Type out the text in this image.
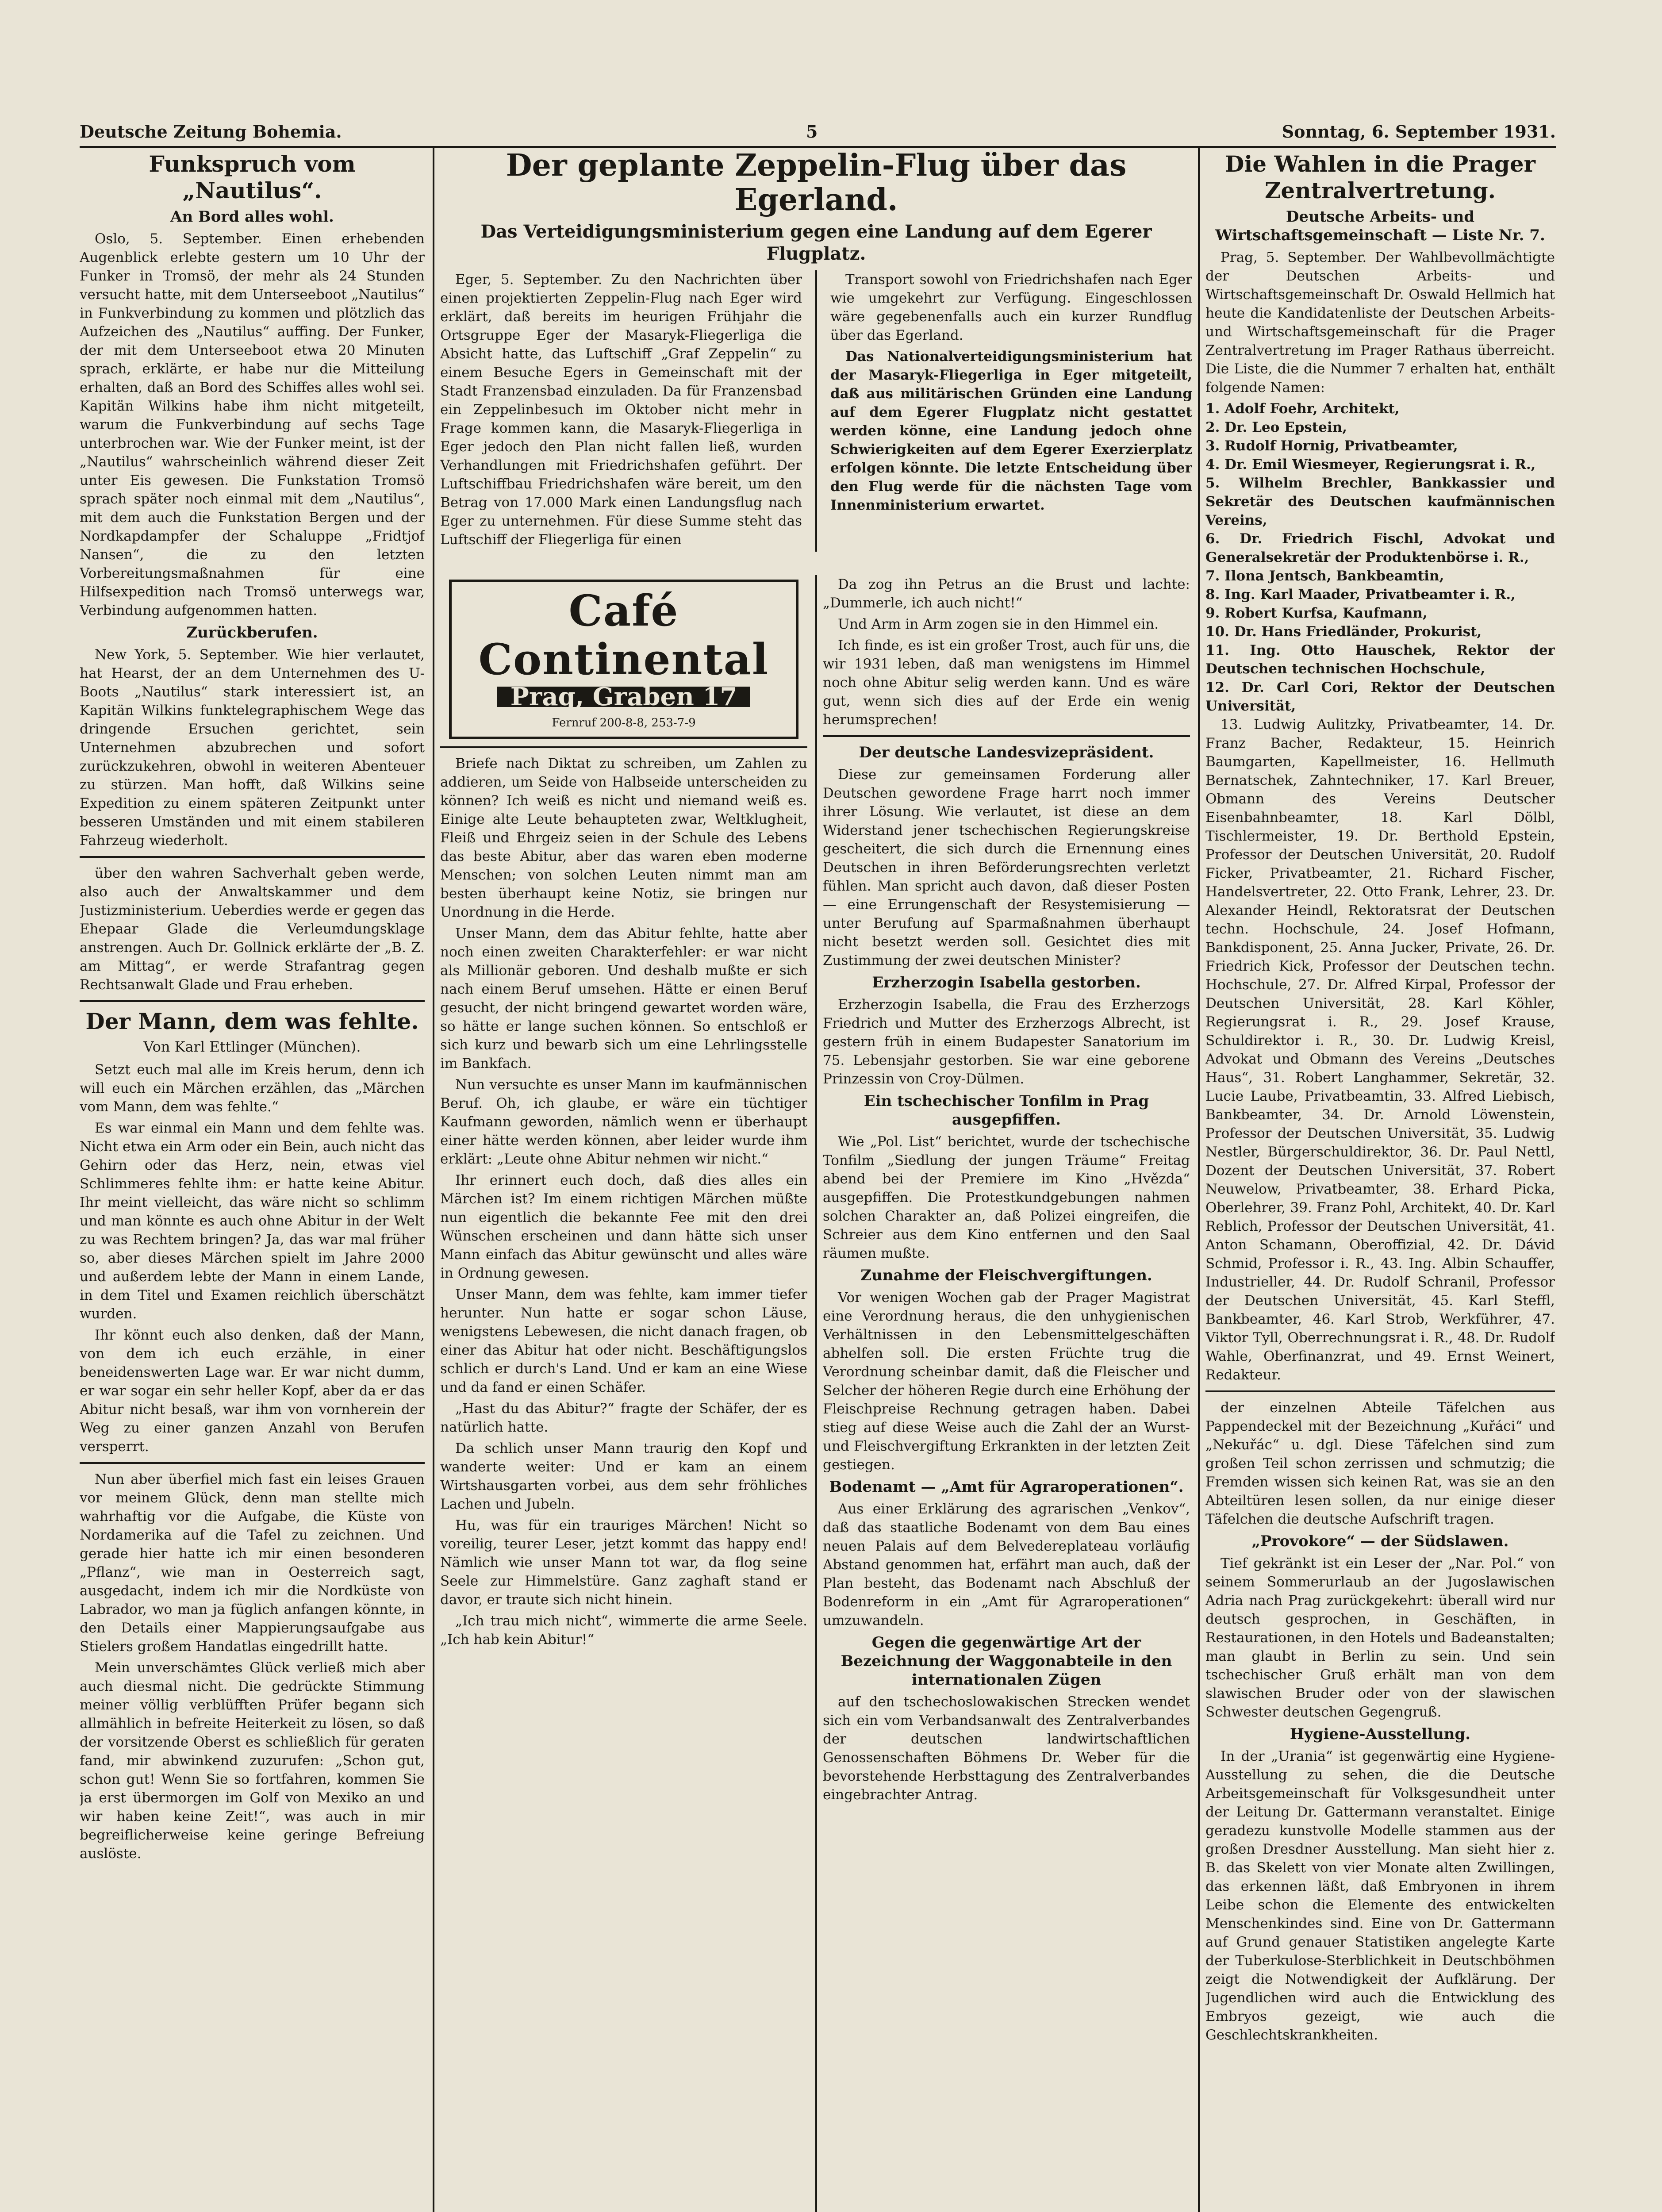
Deutsche Zeitung Bohemia.	5	Sonntag, 6. September 1931.
Funkspruch vom „Nautilus“.
An Bord alles wohl.

Oslo, 5. September. Einen erhebenden Augenblick erlebte gestern um 10 Uhr der Funker in Tromsö, der mehr als 24 Stunden versucht hatte, mit dem Unterseeboot „Nautilus“ in Funkverbindung zu kommen und plötzlich das Aufzeichen des „Nautilus“ auffing. Der Funker, der mit dem Unterseeboot etwa 20 Minuten sprach, erklärte, er habe nur die Mitteilung erhalten, daß an Bord des Schiffes alles wohl sei. Kapitän Wilkins habe ihm nicht mitgeteilt, warum die Funkverbindung auf sechs Tage unterbrochen war. Wie der Funker meint, ist der „Nautilus“ wahrscheinlich während dieser Zeit unter Eis gewesen. Die Funkstation Tromsö sprach später noch einmal mit dem „Nautilus“, mit dem auch die Funkstation Bergen und der Nordkapdampfer der Schaluppe „Fridtjof Nansen“, die zu den letzten Vorbereitungsmaßnahmen für eine Hilfsexpedition nach Tromsö unterwegs war, Verbindung aufgenommen hatten.

Zurückberufen.

New York, 5. September. Wie hier verlautet, hat Hearst, der an dem Unternehmen des U-Boots „Nautilus“ stark interessiert ist, an Kapitän Wilkins funktelegraphischem Wege das dringende Ersuchen gerichtet, sein Unternehmen abzubrechen und sofort zurückzukehren, obwohl in weiteren Abenteuer zu stürzen. Man hofft, daß Wilkins seine Expedition zu einem späteren Zeitpunkt unter besseren Umständen und mit einem stabileren Fahrzeug wiederholt.

über den wahren Sachverhalt geben werde, also auch der Anwaltskammer und dem Justizministerium. Ueberdies werde er gegen das Ehepaar Glade die Verleumdungsklage anstrengen. Auch Dr. Gollnick erklärte der „B. Z. am Mittag“, er werde Strafantrag gegen Rechtsanwalt Glade und Frau erheben.

Der Mann, dem was fehlte.
Von Karl Ettlinger (München).

Setzt euch mal alle im Kreis herum, denn ich will euch ein Märchen erzählen, das „Märchen vom Mann, dem was fehlte.“

Es war einmal ein Mann und dem fehlte was. Nicht etwa ein Arm oder ein Bein, auch nicht das Gehirn oder das Herz, nein, etwas viel Schlimmeres fehlte ihm: er hatte keine Abitur. Ihr meint vielleicht, das wäre nicht so schlimm und man könnte es auch ohne Abitur in der Welt zu was Rechtem bringen? Ja, das war mal früher so, aber dieses Märchen spielt im Jahre 2000 und außerdem lebte der Mann in einem Lande, in dem Titel und Examen reichlich überschätzt wurden.

Ihr könnt euch also denken, daß der Mann, von dem ich euch erzähle, in einer beneidenswerten Lage war. Er war nicht dumm, er war sogar ein sehr heller Kopf, aber da er das Abitur nicht besaß, war ihm von vornherein der Weg zu einer ganzen Anzahl von Berufen versperrt.

Nun aber überfiel mich fast ein leises Grauen vor meinem Glück, denn man stellte mich wahrhaftig vor die Aufgabe, die Küste von Nordamerika auf die Tafel zu zeichnen. Und gerade hier hatte ich mir einen besonderen „Pflanz“, wie man in Oesterreich sagt, ausgedacht, indem ich mir die Nordküste von Labrador, wo man ja füglich anfangen könnte, in den Details einer Mappierungsaufgabe aus Stielers großem Handatlas eingedrillt hatte.

Mein unverschämtes Glück verließ mich aber auch diesmal nicht. Die gedrückte Stimmung meiner völlig verblüfften Prüfer begann sich allmählich in befreite Heiterkeit zu lösen, so daß der vorsitzende Oberst es schließlich für geraten fand, mir abwinkend zuzurufen: „Schon gut, schon gut! Wenn Sie so fortfahren, kommen Sie ja erst übermorgen im Golf von Mexiko an und wir haben keine Zeit!“, was auch in mir begreiflicherweise keine geringe Befreiung auslöste.

Der geplante Zeppelin-Flug über das Egerland.
Das Verteidigungsministerium gegen eine Landung auf dem Egerer Flugplatz.

Eger, 5. September. Zu den Nachrichten über einen projektierten Zeppelin-Flug nach Eger wird erklärt, daß bereits im heurigen Frühjahr die Ortsgruppe Eger der Masaryk-Fliegerliga die Absicht hatte, das Luftschiff „Graf Zeppelin“ zu einem Besuche Egers in Gemeinschaft mit der Stadt Franzensbad einzuladen. Da für Franzensbad ein Zeppelinbesuch im Oktober nicht mehr in Frage kommen kann, die Masaryk-Fliegerliga in Eger jedoch den Plan nicht fallen ließ, wurden Verhandlungen mit Friedrichshafen geführt. Der Luftschiffbau Friedrichshafen wäre bereit, um den Betrag von 17.000 Mark einen Landungsflug nach Eger zu unternehmen. Für diese Summe steht das Luftschiff der Fliegerliga für einen

Transport sowohl von Friedrichshafen nach Eger wie umgekehrt zur Verfügung. Eingeschlossen wäre gegebenenfalls auch ein kurzer Rundflug über das Egerland.

Das Nationalverteidigungsministerium hat der Masaryk-Fliegerliga in Eger mitgeteilt, daß aus militärischen Gründen eine Landung auf dem Egerer Flugplatz nicht gestattet werden könne, eine Landung jedoch ohne Schwierigkeiten auf dem Egerer Exerzierplatz erfolgen könnte. Die letzte Entscheidung über den Flug werde für die nächsten Tage vom Innenministerium erwartet.

Café Continental
Prag, Graben 17
Fernruf 200-8-8, 253-7-9

Briefe nach Diktat zu schreiben, um Zahlen zu addieren, um Seide von Halbseide unterscheiden zu können? Ich weiß es nicht und niemand weiß es. Einige alte Leute behaupteten zwar, Weltklugheit, Fleiß und Ehrgeiz seien in der Schule des Lebens das beste Abitur, aber das waren eben moderne Menschen; von solchen Leuten nimmt man am besten überhaupt keine Notiz, sie bringen nur Unordnung in die Herde.

Unser Mann, dem das Abitur fehlte, hatte aber noch einen zweiten Charakterfehler: er war nicht als Millionär geboren. Und deshalb mußte er sich nach einem Beruf umsehen. Hätte er einen Beruf gesucht, der nicht bringend gewartet worden wäre, so hätte er lange suchen können. So entschloß er sich kurz und bewarb sich um eine Lehrlingsstelle im Bankfach.

Nun versuchte es unser Mann im kaufmännischen Beruf. Oh, ich glaube, er wäre ein tüchtiger Kaufmann geworden, nämlich wenn er überhaupt einer hätte werden können, aber leider wurde ihm erklärt: „Leute ohne Abitur nehmen wir nicht.“

Ihr erinnert euch doch, daß dies alles ein Märchen ist? Im einem richtigen Märchen müßte nun eigentlich die bekannte Fee mit den drei Wünschen erscheinen und dann hätte sich unser Mann einfach das Abitur gewünscht und alles wäre in Ordnung gewesen.

Unser Mann, dem was fehlte, kam immer tiefer herunter. Nun hatte er sogar schon Läuse, wenigstens Lebewesen, die nicht danach fragen, ob einer das Abitur hat oder nicht. Beschäftigungslos schlich er durch's Land. Und er kam an eine Wiese und da fand er einen Schäfer.

„Hast du das Abitur?“ fragte der Schäfer, der es natürlich hatte.

Da schlich unser Mann traurig den Kopf und wanderte weiter: Und er kam an einem Wirtshausgarten vorbei, aus dem sehr fröhliches Lachen und Jubeln.

Hu, was für ein trauriges Märchen! Nicht so voreilig, teurer Leser, jetzt kommt das happy end! Nämlich wie unser Mann tot war, da flog seine Seele zur Himmelstüre. Ganz zaghaft stand er davor, er traute sich nicht hinein.

„Ich trau mich nicht“, wimmerte die arme Seele. „Ich hab kein Abitur!“

Da zog ihn Petrus an die Brust und lachte: „Dummerle, ich auch nicht!“

Und Arm in Arm zogen sie in den Himmel ein.

Ich finde, es ist ein großer Trost, auch für uns, die wir 1931 leben, daß man wenigstens im Himmel noch ohne Abitur selig werden kann. Und es wäre gut, wenn sich dies auf der Erde ein wenig herumsprechen!

Der deutsche Landesvizepräsident.

Diese zur gemeinsamen Forderung aller Deutschen gewordene Frage harrt noch immer ihrer Lösung. Wie verlautet, ist diese an dem Widerstand jener tschechischen Regierungskreise gescheitert, die sich durch die Ernennung eines Deutschen in ihren Beförderungsrechten verletzt fühlen. Man spricht auch davon, daß dieser Posten — eine Errungenschaft der Resystemisierung — unter Berufung auf Sparmaßnahmen überhaupt nicht besetzt werden soll. Gesichtet dies mit Zustimmung der zwei deutschen Minister?

Erzherzogin Isabella gestorben.

Erzherzogin Isabella, die Frau des Erzherzogs Friedrich und Mutter des Erzherzogs Albrecht, ist gestern früh in einem Budapester Sanatorium im 75. Lebensjahr gestorben. Sie war eine geborene Prinzessin von Croy-Dülmen.

Ein tschechischer Tonfilm in Prag ausgepfiffen.

Wie „Pol. List“ berichtet, wurde der tschechische Tonfilm „Siedlung der jungen Träume“ Freitag abend bei der Premiere im Kino „Hvězda“ ausgepfiffen. Die Protestkundgebungen nahmen solchen Charakter an, daß Polizei eingreifen, die Schreier aus dem Kino entfernen und den Saal räumen mußte.

Zunahme der Fleischvergiftungen.

Vor wenigen Wochen gab der Prager Magistrat eine Verordnung heraus, die den unhygienischen Verhältnissen in den Lebensmittelgeschäften abhelfen soll. Die ersten Früchte trug die Verordnung scheinbar damit, daß die Fleischer und Selcher der höheren Regie durch eine Erhöhung der Fleischpreise Rechnung getragen haben. Dabei stieg auf diese Weise auch die Zahl der an Wurst- und Fleischvergiftung Erkrankten in der letzten Zeit gestiegen.

Bodenamt — „Amt für Agraroperationen“.

Aus einer Erklärung des agrarischen „Venkov“, daß das staatliche Bodenamt von dem Bau eines neuen Palais auf dem Belvedereplateau vorläufig Abstand genommen hat, erfährt man auch, daß der Plan besteht, das Bodenamt nach Abschluß der Bodenreform in ein „Amt für Agraroperationen“ umzuwandeln.

Gegen die gegenwärtige Art der Bezeichnung der Waggonabteile in den internationalen Zügen

auf den tschechoslowakischen Strecken wendet sich ein vom Verbandsanwalt des Zentralverbandes der deutschen landwirtschaftlichen Genossenschaften Böhmens Dr. Weber für die bevorstehende Herbsttagung des Zentralverbandes eingebrachter Antrag.

Die Wahlen in die Prager Zentralvertretung.
Deutsche Arbeits- und Wirtschaftsgemeinschaft — Liste Nr. 7.

Prag, 5. September. Der Wahlbevollmächtigte der Deutschen Arbeits- und Wirtschaftsgemeinschaft Dr. Oswald Hellmich hat heute die Kandidatenliste der Deutschen Arbeits- und Wirtschaftsgemeinschaft für die Prager Zentralvertretung im Prager Rathaus überreicht. Die Liste, die die Nummer 7 erhalten hat, enthält folgende Namen:

1. Adolf Foehr, Architekt,

2. Dr. Leo Epstein,

3. Rudolf Hornig, Privatbeamter,

4. Dr. Emil Wiesmeyer, Regierungsrat i. R.,

5. Wilhelm Brechler, Bankkassier und Sekretär des Deutschen kaufmännischen Vereins,

6. Dr. Friedrich Fischl, Advokat und Generalsekretär der Produktenbörse i. R.,

7. Ilona Jentsch, Bankbeamtin,

8. Ing. Karl Maader, Privatbeamter i. R.,

9. Robert Kurfsa, Kaufmann,

10. Dr. Hans Friedländer, Prokurist,

11. Ing. Otto Hauschek, Rektor der Deutschen technischen Hochschule,

12. Dr. Carl Cori, Rektor der Deutschen Universität,

13. Ludwig Aulitzky, Privatbeamter, 14. Dr. Franz Bacher, Redakteur, 15. Heinrich Baumgarten, Kapellmeister, 16. Hellmuth Bernatschek, Zahntechniker, 17. Karl Breuer, Obmann des Vereins Deutscher Eisenbahnbeamter, 18. Karl Dölbl, Tischlermeister, 19. Dr. Berthold Epstein, Professor der Deutschen Universität, 20. Rudolf Ficker, Privatbeamter, 21. Richard Fischer, Handelsvertreter, 22. Otto Frank, Lehrer, 23. Dr. Alexander Heindl, Rektoratsrat der Deutschen techn. Hochschule, 24. Josef Hofmann, Bankdisponent, 25. Anna Jucker, Private, 26. Dr. Friedrich Kick, Professor der Deutschen techn. Hochschule, 27. Dr. Alfred Kirpal, Professor der Deutschen Universität, 28. Karl Köhler, Regierungsrat i. R., 29. Josef Krause, Schuldirektor i. R., 30. Dr. Ludwig Kreisl, Advokat und Obmann des Vereins „Deutsches Haus“, 31. Robert Langhammer, Sekretär, 32. Lucie Laube, Privatbeamtin, 33. Alfred Liebisch, Bankbeamter, 34. Dr. Arnold Löwenstein, Professor der Deutschen Universität, 35. Ludwig Nestler, Bürgerschuldirektor, 36. Dr. Paul Nettl, Dozent der Deutschen Universität, 37. Robert Neuwelow, Privatbeamter, 38. Erhard Picka, Oberlehrer, 39. Franz Pohl, Architekt, 40. Dr. Karl Reblich, Professor der Deutschen Universität, 41. Anton Schamann, Oberoffizial, 42. Dr. Dávid Schmid, Professor i. R., 43. Ing. Albin Schauffer, Industrieller, 44. Dr. Rudolf Schranil, Professor der Deutschen Universität, 45. Karl Steffl, Bankbeamter, 46. Karl Strob, Werkführer, 47. Viktor Tyll, Oberrechnungsrat i. R., 48. Dr. Rudolf Wahle, Oberfinanzrat, und 49. Ernst Weinert, Redakteur.

der einzelnen Abteile Täfelchen aus Pappendeckel mit der Bezeichnung „Kuřáci“ und „Nekuřác“ u. dgl. Diese Täfelchen sind zum großen Teil schon zerrissen und schmutzig; die Fremden wissen sich keinen Rat, was sie an den Abteiltüren lesen sollen, da nur einige dieser Täfelchen die deutsche Aufschrift tragen.

„Provokore“ — der Südslawen.

Tief gekränkt ist ein Leser der „Nar. Pol.“ von seinem Sommerurlaub an der Jugoslawischen Adria nach Prag zurückgekehrt: überall wird nur deutsch gesprochen, in Geschäften, in Restaurationen, in den Hotels und Badeanstalten; man glaubt in Berlin zu sein. Und sein tschechischer Gruß erhält man von dem slawischen Bruder oder von der slawischen Schwester deutschen Gegengruß.

Hygiene-Ausstellung.

In der „Urania“ ist gegenwärtig eine Hygiene-Ausstellung zu sehen, die die Deutsche Arbeitsgemeinschaft für Volksgesundheit unter der Leitung Dr. Gattermann veranstaltet. Einige geradezu kunstvolle Modelle stammen aus der großen Dresdner Ausstellung. Man sieht hier z. B. das Skelett von vier Monate alten Zwillingen, das erkennen läßt, daß Embryonen in ihrem Leibe schon die Elemente des entwickelten Menschenkindes sind. Eine von Dr. Gattermann auf Grund genauer Statistiken angelegte Karte der Tuberkulose-Sterblichkeit in Deutschböhmen zeigt die Notwendigkeit der Aufklärung. Der Jugendlichen wird auch die Entwicklung des Embryos gezeigt, wie auch die Geschlechtskrankheiten.
